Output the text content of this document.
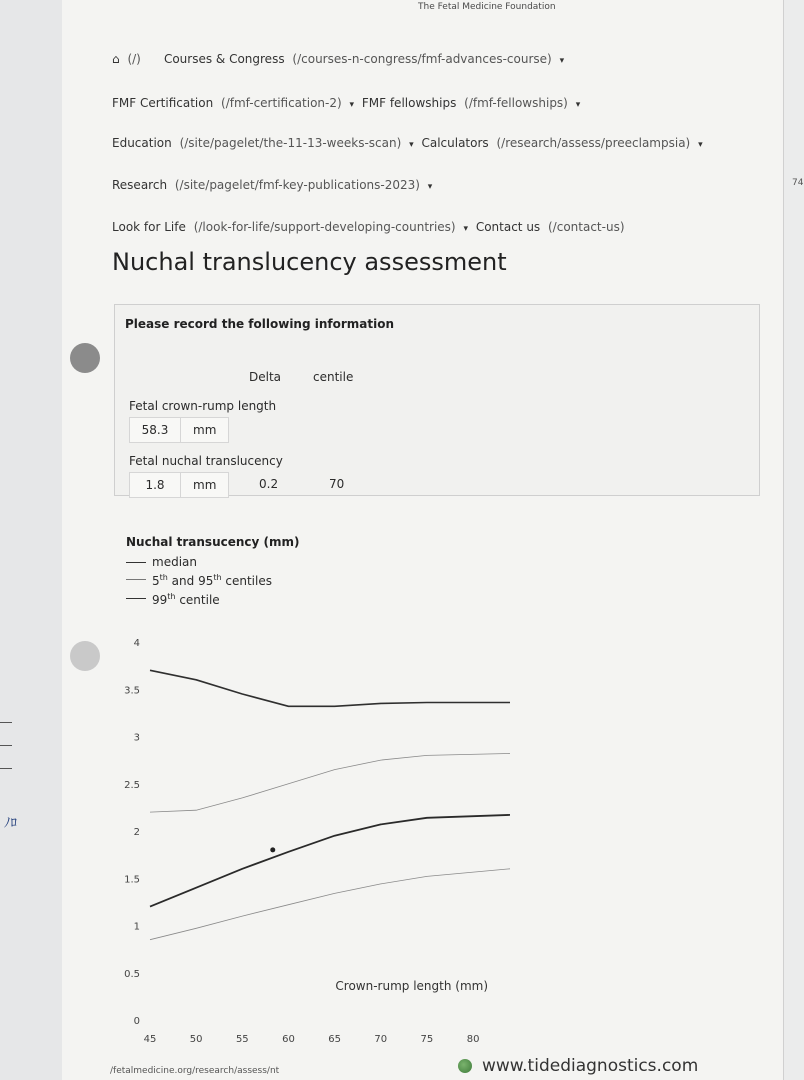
ﾉﾛ
74
The Fetal Medicine Foundation
⌂ (/) Courses & Congress (/courses-n-congress/fmf-advances-course) ▾
FMF Certification (/fmf-certification-2) ▾ FMF fellowships (/fmf-fellowships) ▾
Education (/site/pagelet/the-11-13-weeks-scan) ▾ Calculators (/research/assess/preeclampsia) ▾
Research (/site/pagelet/fmf-key-publications-2023) ▾
Look for Life (/look-for-life/support-developing-countries) ▾ Contact us (/contact-us)
Nuchal translucency assessment
Please record the following information
Delta	centile
Fetal crown-rump length
58.3	mm
Fetal nuchal translucency
1.8	mm	0.2	70
Nuchal transucency (mm)
median
5th and 95th centiles
99th centile
0
0.5
1
1.5
2
2.5
3
3.5
4
45	50	55	60	65	70	75	80
Crown-rump length (mm)
/fetalmedicine.org/research/assess/nt	www.tidediagnostics.com
